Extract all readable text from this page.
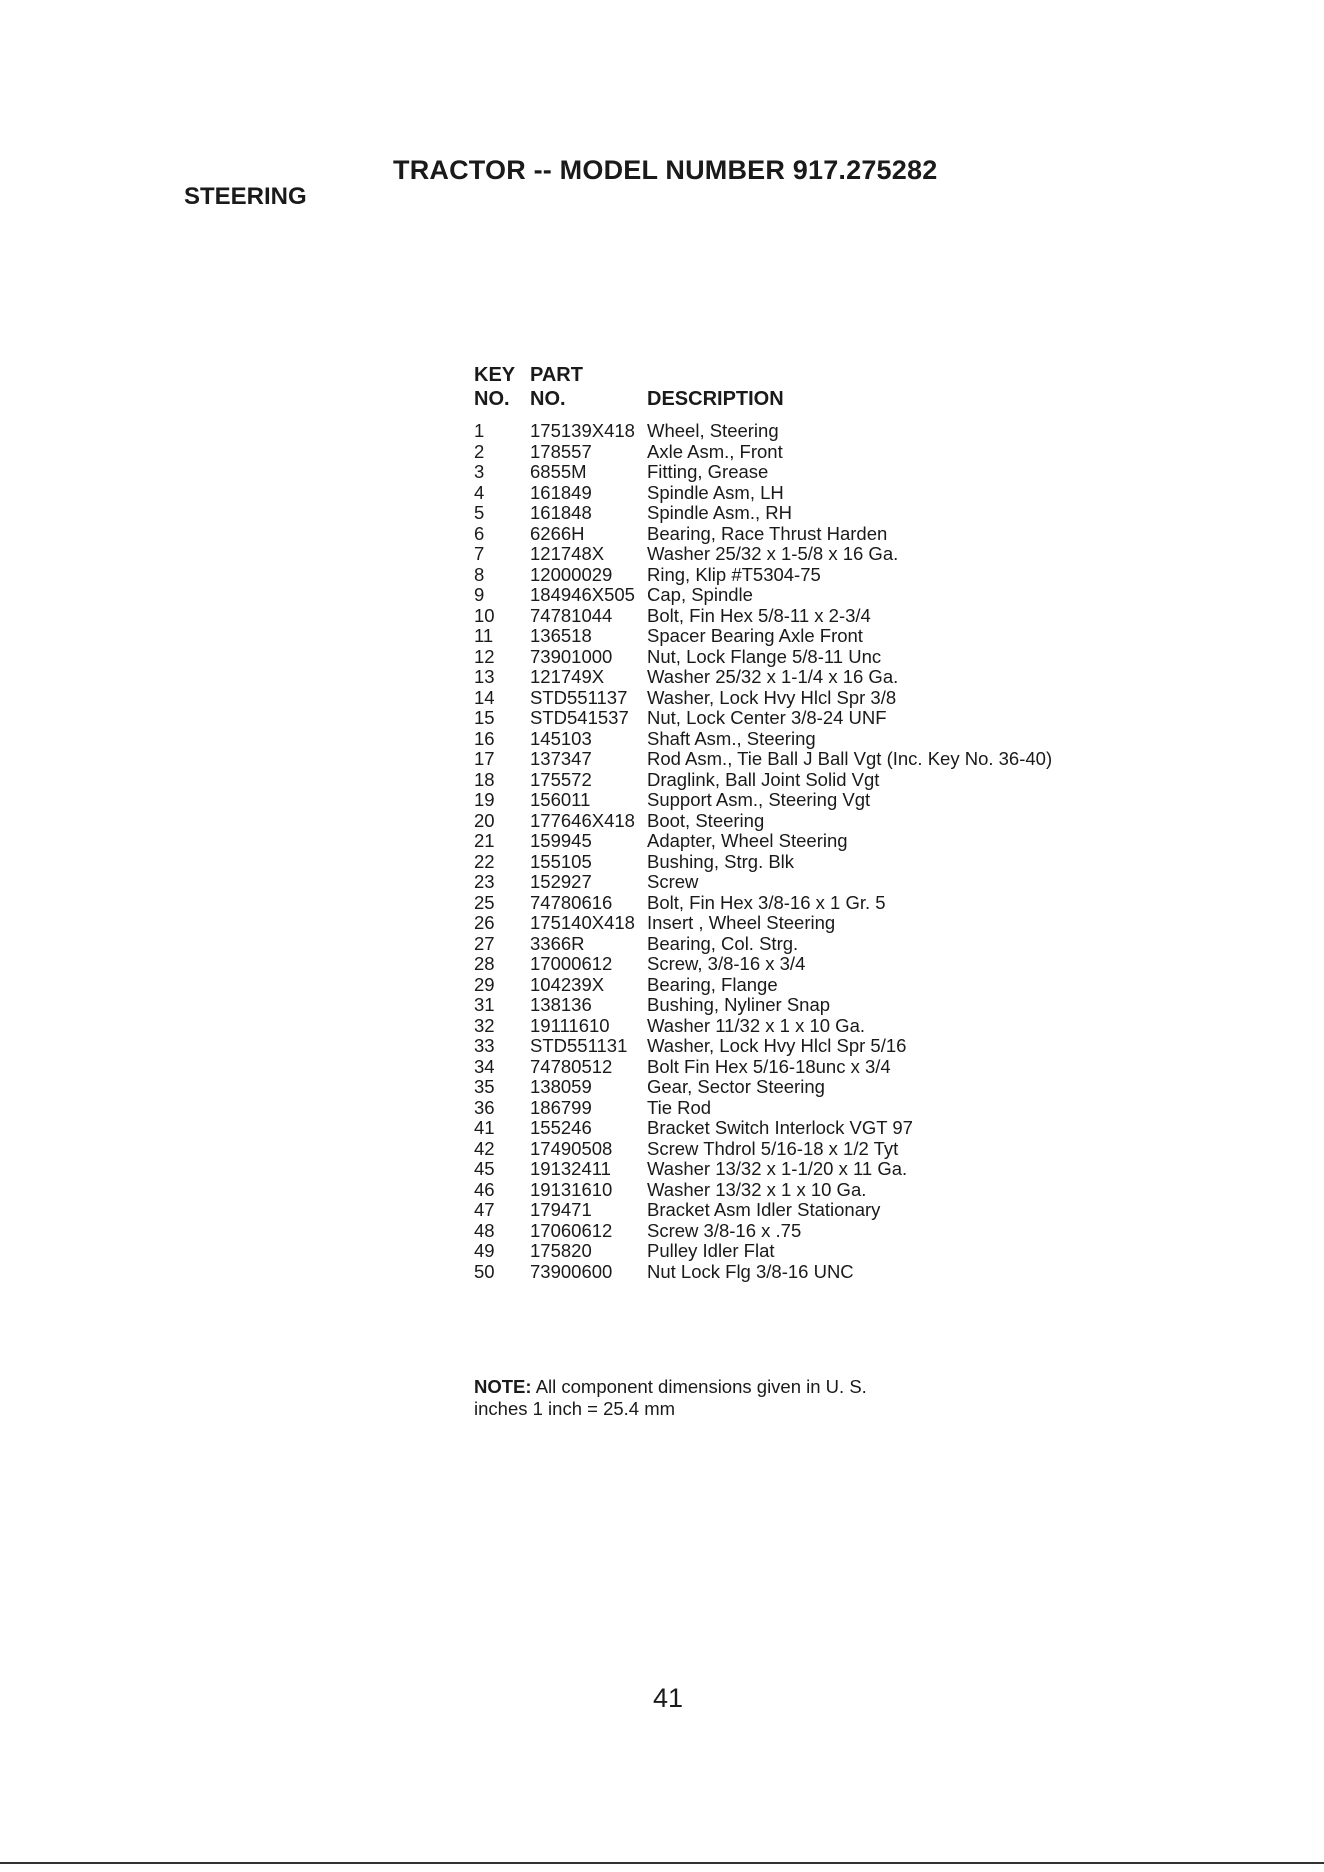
TRACTOR -- MODEL NUMBER 917.275282
STEERING
KEY PART
NO.	NO.	DESCRIPTION
1	175139X418 Wheel, Steering
2	178557	Axle Asm., Front
3	6855M	Fitting, Grease
4	161849	Spindle Asm, LH
5	161848	Spindle Asm., RH
6	6266H	Bearing, Race Thrust Harden
7	121748X	Washer 25/32 x 1-5/8 x 16 Ga.
8	12000029	Ring, Klip #T5304-75
9	184946X505 Cap, Spindle
10	74781044	Bolt, Fin Hex 5/8-11 x 2-3/4
11	136518	Spacer Bearing Axle Front
12	73901000	Nut, Lock Flange 5/8-11 Unc
13	121749X	Washer 25/32 x 1-1/4 x 16 Ga.
14	STD551137	Washer, Lock Hvy Hlcl Spr 3/8
15	STD541537 Nut, Lock Center 3/8-24 UNF
16	145103	Shaft Asm., Steering
17	137347	Rod Asm., Tie Ball J Ball Vgt (Inc. Key No. 36-40)
18	175572	Draglink, Ball Joint Solid Vgt
19	156011	Support Asm., Steering Vgt
20	177646X418 Boot, Steering
21	159945	Adapter, Wheel Steering
22	155105	Bushing, Strg. Blk
23	152927	Screw
25	74780616	Bolt, Fin Hex 3/8-16 x 1 Gr. 5
26	175140X418 Insert , Wheel Steering
27	3366R	Bearing, Col. Strg.
28	17000612	Screw, 3/8-16 x 3/4
29	104239X	Bearing, Flange
31	138136	Bushing, Nyliner Snap
32	19111610	Washer 11/32 x 1 x 10 Ga.
33	STD551131	Washer, Lock Hvy Hlcl Spr 5/16
34	74780512	Bolt Fin Hex 5/16-18unc x 3/4
35	138059	Gear, Sector Steering
36	186799	Tie Rod
41	155246	Bracket Switch Interlock VGT 97
42	17490508	Screw Thdrol 5/16-18 x 1/2 Tyt
45	19132411	Washer 13/32 x 1-1/20 x 11 Ga.
46	19131610	Washer 13/32 x 1 x 10 Ga.
47	179471	Bracket Asm Idler Stationary
48	17060612	Screw 3/8-16 x .75
49	175820	Pulley Idler Flat
50	73900600	Nut Lock Flg 3/8-16 UNC
NOTE: All component dimensions given in U. S.
inches 1 inch = 25.4 mm
41
